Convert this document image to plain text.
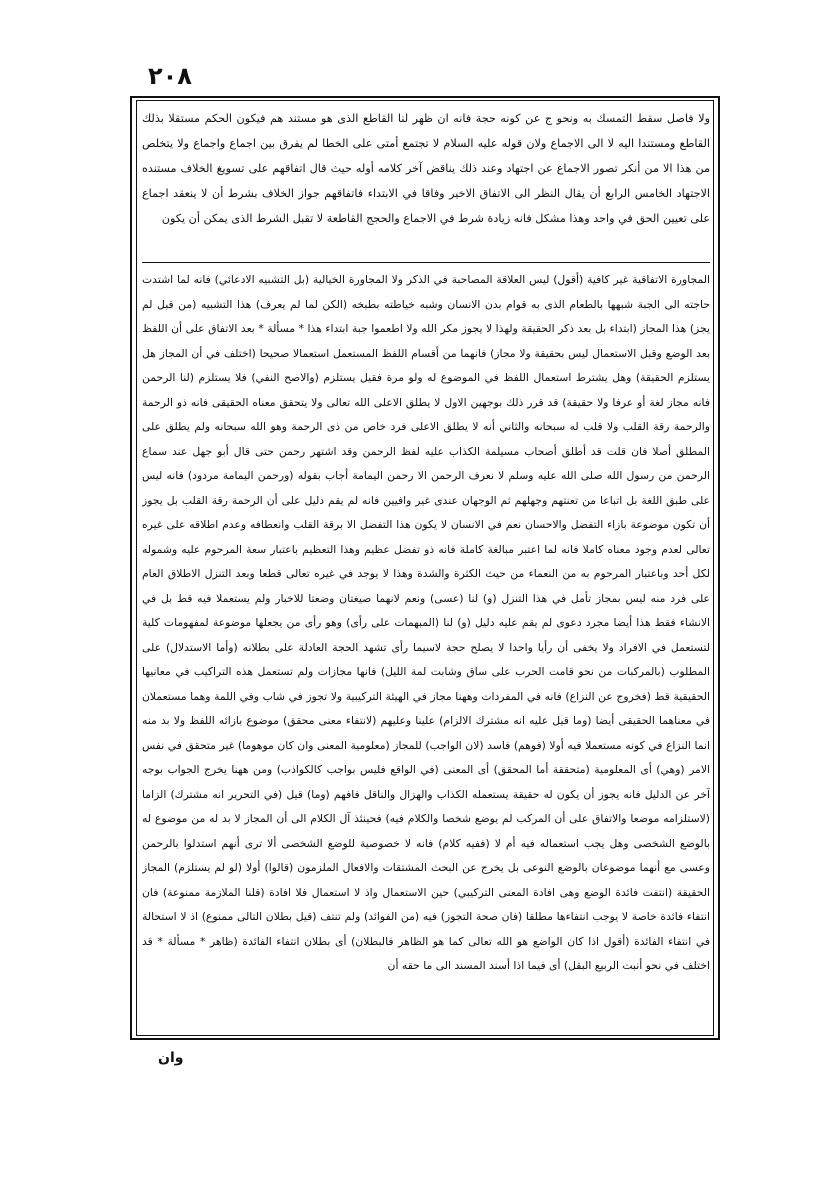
٢٠٨

ولا فاصل سقط التمسك به ونحو ج عن كونه حجة فانه ان ظهر لنا القاطع الذى هو مستند هم فيكون الحكم مستقلا بذلك القاطع ومستندا اليه لا الى الاجماع ولان قوله عليه السلام لا تجتمع أمتى على الخطا لم يفرق بين اجماع واجماع ولا يتخلص من هذا الا من أنكر تصور الاجماع عن اجتهاد وعند ذلك يناقض آخر كلامه أوله حيث قال اتفاقهم على تسويغ الخلاف مستنده الاجتهاد الخامس الرابع أن يقال النظر الى الاتفاق الاخير وفاقا في الابتداء فاتفاقهم جواز الخلاف بشرط أن لا ينعقد اجماع على تعيين الحق في واحد وهذا مشكل فانه زيادة شرط في الاجماع والحجج القاطعة لا تقبل الشرط الذى يمكن أن يكون

المجاورة الاتفاقية غير كافية (أقول) ليس العلاقة المصاحبة في الذكر ولا المجاورة الخيالية (بل التشبيه الادعائي) فانه لما اشتدت حاجته الى الجبة شبهها بالطعام الذى به قوام بدن الانسان وشبه خياطته بطبخه (الكن لما لم يعرف) هذا التشبيه (من قبل لم يجز) هذا المجاز (ابتداء بل بعد ذكر الحقيقة ولهذا لا يجوز مكر الله ولا اطعموا جبة ابتداء هذا * مسألة * بعد الاتفاق على أن اللفظ بعد الوضع وقبل الاستعمال ليس بحقيقة ولا مجاز) فانهما من أقسام اللفظ المستعمل استعمالا صحيحا (اختلف في أن المجاز هل يستلزم الحقيقة) وهل يشترط استعمال اللفظ في الموضوع له ولو مرة فقيل يستلزم (والاصح النفي) فلا يستلزم (لنا الرحمن فانه مجاز لغة أو عرفا ولا حقيقة) قد قرر ذلك بوجهين الاول لا يطلق الاعلى الله تعالى ولا يتحقق معناه الحقيقى فانه ذو الرحمة والرحمة رقة القلب ولا قلب له سبحانه والثاني أنه لا يطلق الاعلى فرد خاص من ذى الرحمة وهو الله سبحانه ولم يطلق على المطلق أصلا فان قلت قد أطلق أصحاب مسيلمة الكذاب عليه لفظ الرحمن وقد اشتهر رحمن حتى قال أبو جهل عند سماع الرحمن من رسول الله صلى الله عليه وسلم لا نعرف الرحمن الا رحمن اليمامة أجاب بقوله (ورحمن اليمامة مردود) فانه ليس على طبق اللغة بل اتباعا من تعنتهم وجهلهم ثم الوجهان عندى غير وافيين فانه لم يقم دليل على أن الرحمة رقة القلب بل يجوز أن تكون موضوعة بازاء التفضل والاحسان نعم في الانسان لا يكون هذا التفضل الا برقة القلب وانعطافه وعدم اطلاقه على غيره تعالى لعدم وجود معناه كاملا فانه لما اعتبر مبالغة كاملة فانه ذو تفضل عظيم وهذا التعظيم باعتبار سعة المرحوم عليه وشموله لكل أحد وباعتبار المرحوم به من النعماء من حيث الكثرة والشدة وهذا لا يوجد في غيره تعالى قطعا وبعد التنزل الاطلاق العام على فرد منه ليس بمجاز تأمل في هذا التنزل (و) لنا (عسى) ونعم لانهما صيغتان وضعتا للاخبار ولم يستعملا فيه قط بل في الانشاء فقط هذا أيضا مجرد دعوى لم يقم عليه دليل (و) لنا (المبهمات على رأى) وهو رأى من يجعلها موضوعة لمفهومات كلية لتستعمل في الافراد ولا يخفى أن رأيا واحدا لا يصلح حجة لاسيما رأى تشهد الحجة العادلة على بطلانه (وأما الاستدلال) على المطلوب (بالمركبات من نحو قامت الحرب على ساق وشابت لمة الليل) فانها مجازات ولم تستعمل هذه التراكيب في معانيها الحقيقية قط (فخروج عن النزاع) فانه في المفردات وههنا مجاز في الهيئة التركيبية ولا تجوز في شاب وفي اللمة وهما مستعملان في معناهما الحقيقى أيضا (وما قيل عليه انه مشترك الالزام) علينا وعليهم (لانتفاء معنى محقق) موضوع بازائه اللفظ ولا بد منه انما النزاع في كونه مستعملا فيه أولا (فوهم) فاسد (لان الواجب) للمجاز (معلومية المعنى وان كان موهوما) غير متحقق في نفس الامر (وهي) أى المعلومية (متحققة أما المحقق) أى المعنى (في الواقع فليس بواجب كالكواذب) ومن ههنا يخرج الجواب بوجه آخر عن الدليل فانه يجوز أن يكون له حقيقة يستعمله الكذاب والهزال والناقل فافهم (وما) قيل (في التحرير انه مشترك) الزاما (لاستلزامه موضعا والاتفاق على أن المركب لم يوضع شخصا والكلام فيه) فحينئذ آل الكلام الى أن المجاز لا بد له من موضوع له بالوضع الشخصى وهل يجب استعماله فيه أم لا (ففيه كلام) فانه لا خصوصية للوضع الشخصى ألا ترى أنهم استدلوا بالرحمن وعسى مع أنهما موضوعان بالوضع النوعى بل يخرج عن البحث المشتقات والافعال الملزمون (قالوا) أولا (لو لم يستلزم) المجاز الحقيقة (انتفت فائدة الوضع وهى افادة المعنى التركيبي) حين الاستعمال واذ لا استعمال فلا افادة (قلنا الملازمة ممنوعة) فان انتفاء فائدة خاصة لا يوجب انتفاءها مطلقا (فان صحة التجوز) فيه (من الفوائد) ولم تنتف (قيل بطلان التالى ممنوع) اذ لا استحالة في انتفاء الفائدة (أقول اذا كان الواضع هو الله تعالى كما هو الظاهر فالبطلان) أى بطلان انتفاء الفائدة (ظاهر * مسألة * قد اختلف في نحو أنبت الربيع البقل) أى فيما اذا أسند المسند الى ما حقه أن

وان
